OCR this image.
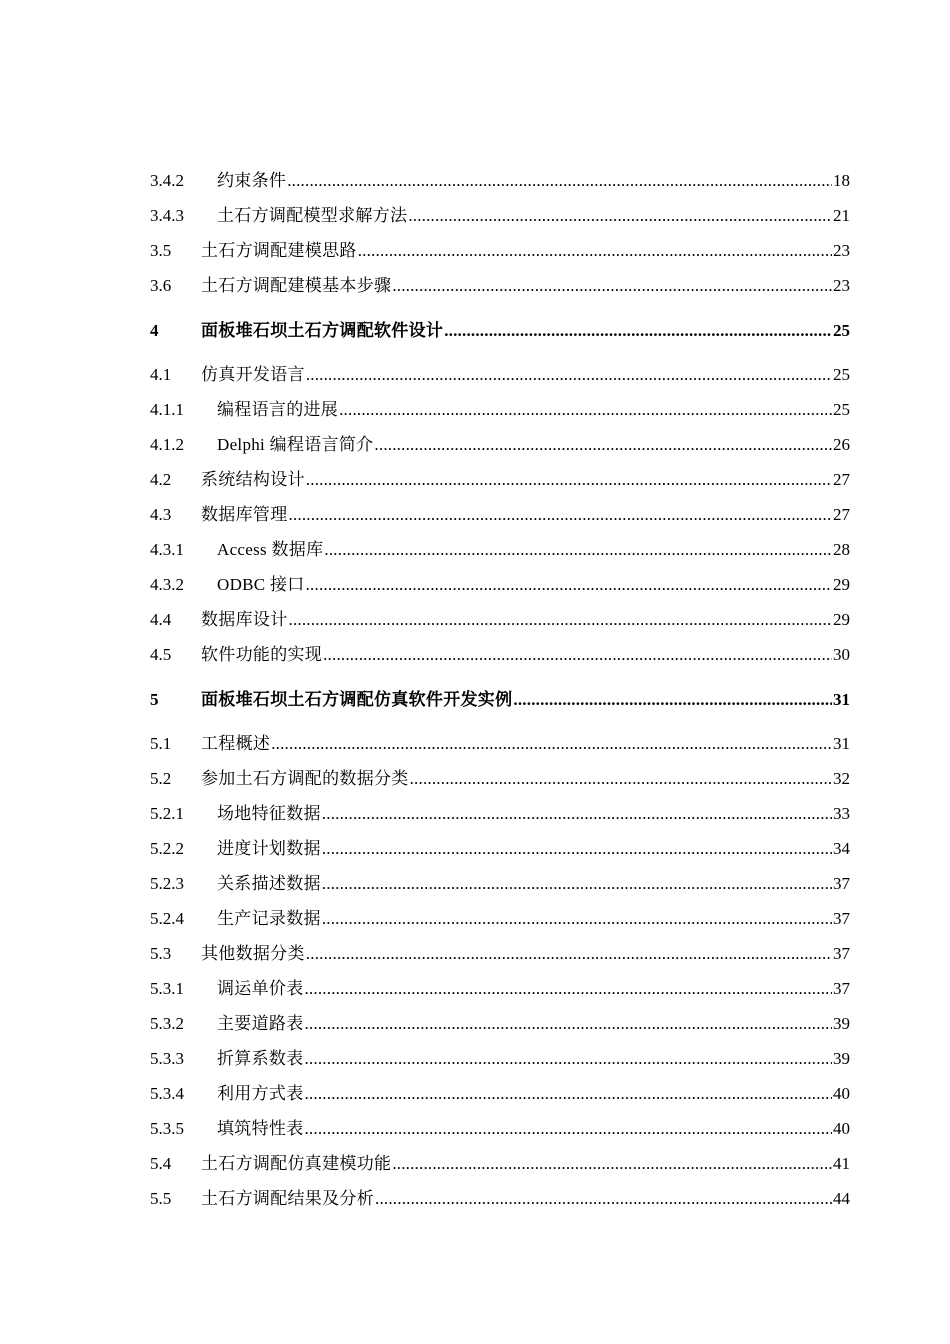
3.4.2	约束条件 .....	18
3.4.3	土石方调配模型求解方法 .....	21
3.5	土石方调配建模思路 .....	23
3.6	土石方调配建模基本步骤 .....	23
4	面板堆石坝土石方调配软件设计 .....	25
4.1	仿真开发语言 .....	25
4.1.1	编程语言的进展 .....	25
4.1.2	Delphi 编程语言简介 .....	26
4.2	系统结构设计 .....	27
4.3	数据库管理 .....	27
4.3.1	Access 数据库 .....	28
4.3.2	ODBC 接口 .....	29
4.4	数据库设计 .....	29
4.5	软件功能的实现 .....	30
5	面板堆石坝土石方调配仿真软件开发实例 .....	31
5.1	工程概述 .....	31
5.2	参加土石方调配的数据分类 .....	32
5.2.1	场地特征数据 .....	33
5.2.2	进度计划数据 .....	34
5.2.3	关系描述数据 .....	37
5.2.4	生产记录数据 .....	37
5.3	其他数据分类 .....	37
5.3.1	调运单价表 .....	37
5.3.2	主要道路表 .....	39
5.3.3	折算系数表 .....	39
5.3.4	利用方式表 .....	40
5.3.5	填筑特性表 .....	40
5.4	土石方调配仿真建模功能 .....	41
5.5	土石方调配结果及分析 .....	44
